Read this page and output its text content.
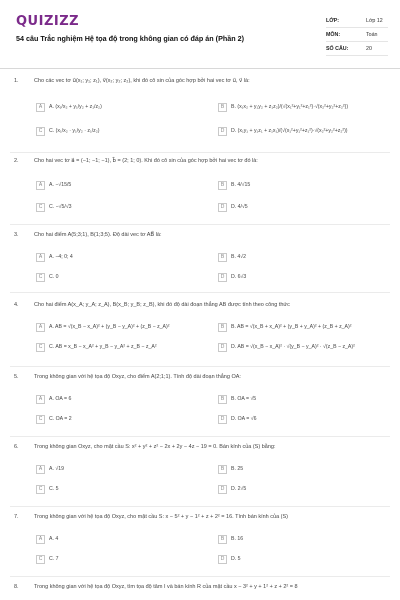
QUIZIZZ
54 câu Trắc nghiệm Hệ tọa độ trong không gian có đáp án (Phần 2)
LỚP:	Lớp 12
MÔN:	Toán
SỐ CÂU:	20
1.	Cho các vec tơ u⃗(x₁; y₁; z₁), v⃗(x₂; y₂; z₂), khi đó cô sin của góc hợp bởi hai vec tơ u⃗, v⃗ là:
A	A. (x₁/x₂ + y₁/y₂ + z₁/z₂)	B	B. (x₁x₂ + y₁y₂ + z₁z₂)/(√(x₁²+y₁²+z₁²)·√(x₂²+y₂²+z₂²))
C	C. (x₁/x₂ · y₁/y₂ · z₁/z₂)	D	D. (x₁y₁ + y₁z₁ + z₁x₁)/(√(x₁²+y₁²+z₁²)·√(x₂²+y₂²+z₂²))
2.	Cho hai vec tơ a⃗ = (−1; −1; −1), b⃗ = (2; 1; 0). Khi đó cô sin của góc hợp bởi hai vec tơ đó là:
A	A. −√15/5	B	B. 4/√15
C	C. −√5/√3	D	D. 4/√5
3.	Cho hai điểm A(5;3;1), B(1;3;5). Độ dài vec tơ AB⃗ là:
A	A. −4; 0; 4	B	B. 4√2
C	C. 0	D	D. 6√3
4.	Cho hai điểm A(x_A; y_A; z_A), B(x_B; y_B; z_B), khi đó độ dài đoạn thẳng AB được tính theo công thức
A	A. AB = √(x_B − x_A)² + (y_B − y_A)² + (z_B − z_A)²	B	B. AB = √(x_B + x_A)² + (y_B + y_A)² + (z_B + z_A)²
C	C. AB = x_B − x_A² + y_B − y_A² + z_B − z_A²	D	D. AB = √(x_B − x_A)² · √(y_B − y_A)² · √(z_B − z_A)²
5.	Trong không gian với hệ tọa độ Oxyz, cho điểm A(2;1;1). Tính độ dài đoạn thẳng OA:
A	A. OA = 6	B	B. OA = √5
C	C. OA = 2	D	D. OA = √6
6.	Trong không gian Oxyz, cho mặt cầu S: x² + y² + z² − 2x + 2y − 4z − 19 = 0. Bán kính của (S) bằng:
A	A. √19	B	B. 25
C	C. 5	D	D. 2√5
7.	Trong không gian với hệ tọa độ Oxyz, cho mặt cầu S: x − 5² + y − 1² + z + 2² = 16. Tính bán kính của (S)
A	A. 4	B	B. 16
C	C. 7	D	D. 5
8.	Trong không gian với hệ tọa độ Oxyz, tìm tọa độ tâm I và bán kính R của mặt cầu x − 3² + y + 1² + z + 2² = 8
